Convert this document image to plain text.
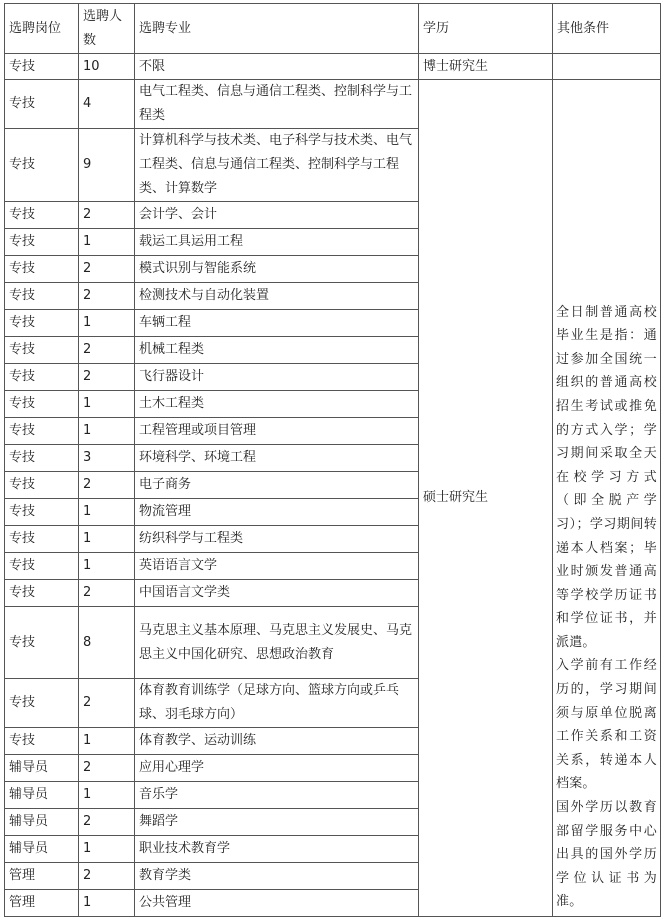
选聘岗位	选聘人数	选聘专业	学历	其他条件
专技	10	不限	博士研究生	
专技	4	电气工程类、信息与通信工程类、控制科学与工程类	硕士研究生	全日制普通高校毕业生是指：通过参加全国统一组织的普通高校招生考试或推免的方式入学；学习期间采取全天在校学习方式（即全脱产学习）；学习期间转递本人档案；毕业时颁发普通高等学校学历证书和学位证书，并派遣。
入学前有工作经历的，学习期间须与原单位脱离工作关系和工资关系，转递本人档案。
国外学历以教育部留学服务中心出具的国外学历学位认证书为准。

专技	9	计算机科学与技术类、电子科学与技术类、电气工程类、信息与通信工程类、控制科学与工程类、计算数学		
专技	2	会计学、会计		
专技	1	载运工具运用工程		
专技	2	模式识别与智能系统		
专技	2	检测技术与自动化装置		
专技	1	车辆工程		
专技	2	机械工程类		
专技	2	飞行器设计		
专技	1	土木工程类		
专技	1	工程管理或项目管理		
专技	3	环境科学、环境工程		
专技	2	电子商务		
专技	1	物流管理		
专技	1	纺织科学与工程类		
专技	1	英语语言文学		
专技	2	中国语言文学类		
专技	8	马克思主义基本原理、马克思主义发展史、马克思主义中国化研究、思想政治教育		
专技	2	体育教育训练学（足球方向、篮球方向或乒乓球、羽毛球方向）		
专技	1	体育教学、运动训练		
辅导员	2	应用心理学		
辅导员	1	音乐学		
辅导员	2	舞蹈学		
辅导员	1	职业技术教育学		
管理	2	教育学类		
管理	1	公共管理		
